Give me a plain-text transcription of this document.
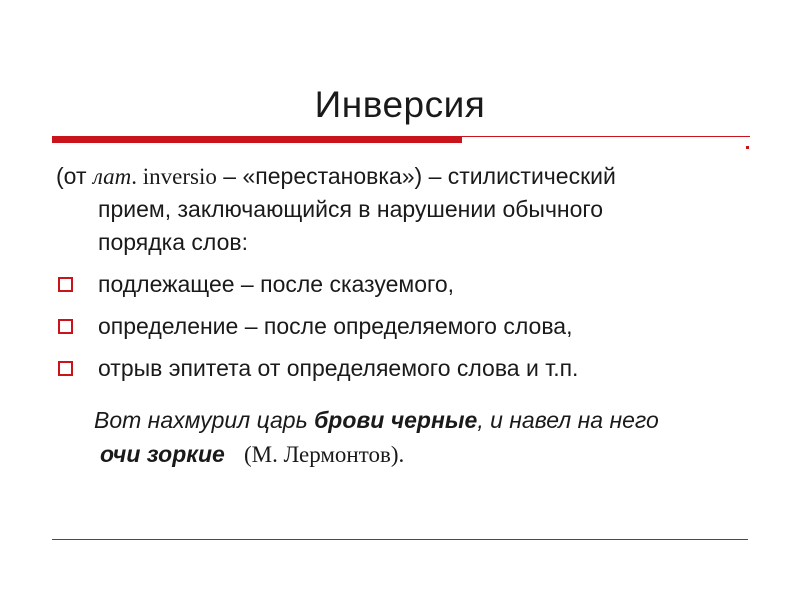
Инверсия

(от лат. inversio – «перестановка») – стилистический
прием, заключающийся в нарушении обычного
порядка слов:

подлежащее – после сказуемого,
определение – после определяемого слова,
отрыв эпитета от определяемого слова и т.п.
Вот нахмурил царь брови черные, и навел на него
очи зоркие (М. Лермонтов).
